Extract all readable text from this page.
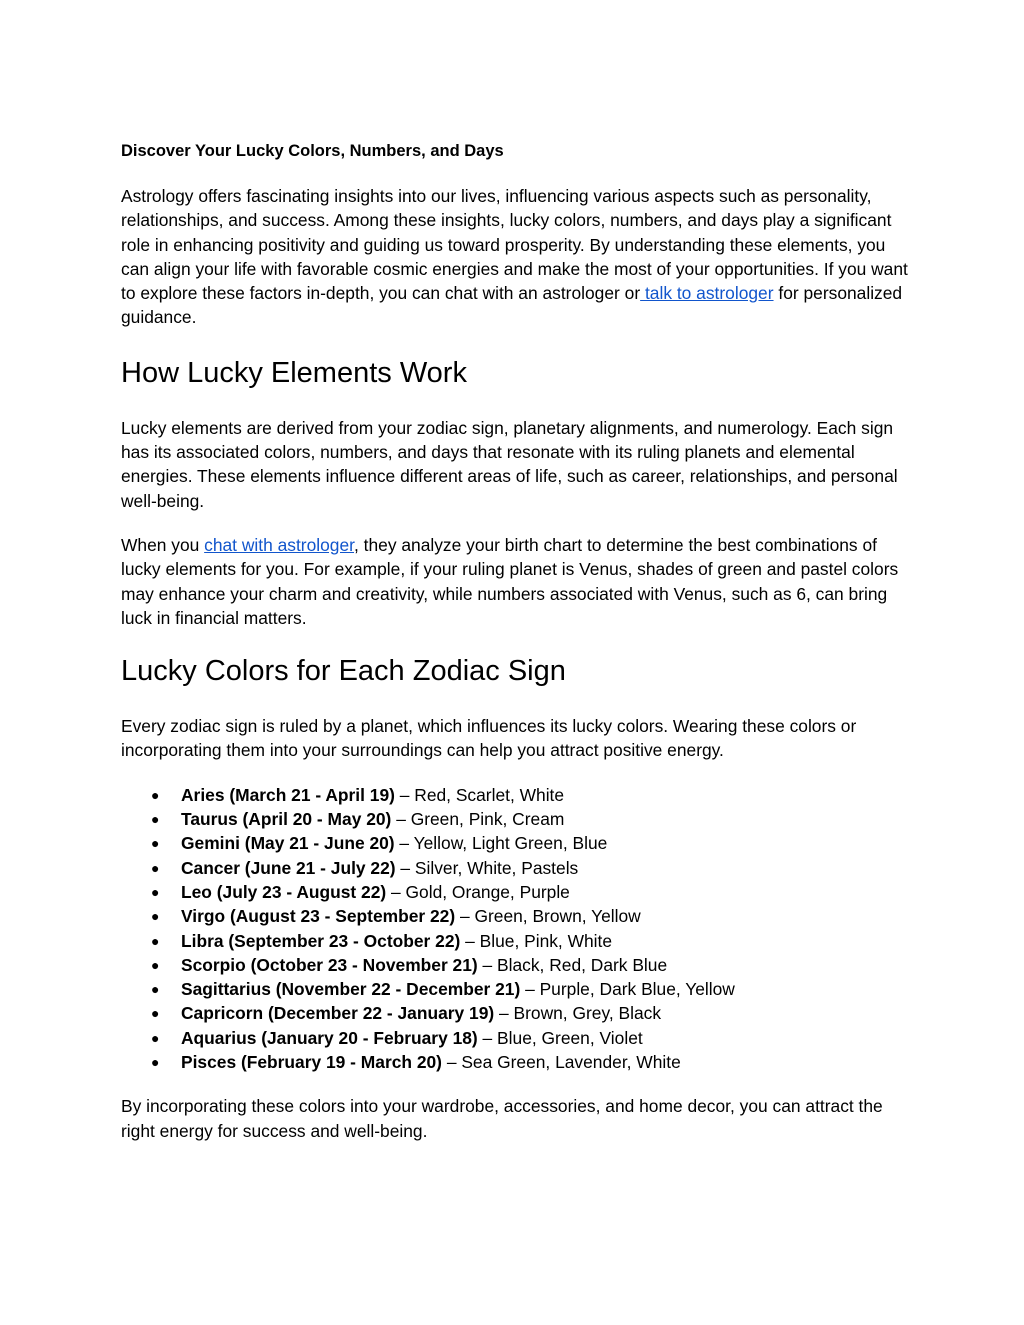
Discover Your Lucky Colors, Numbers, and Days

Astrology offers fascinating insights into our lives, influencing various aspects such as personality, relationships, and success. Among these insights, lucky colors, numbers, and days play a significant role in enhancing positivity and guiding us toward prosperity. By understanding these elements, you can align your life with favorable cosmic energies and make the most of your opportunities. If you want to explore these factors in-depth, you can chat with an astrologer or talk to astrologer for personalized guidance.

How Lucky Elements Work

Lucky elements are derived from your zodiac sign, planetary alignments, and numerology. Each sign has its associated colors, numbers, and days that resonate with its ruling planets and elemental energies. These elements influence different areas of life, such as career, relationships, and personal well-being.

When you chat with astrologer, they analyze your birth chart to determine the best combinations of lucky elements for you. For example, if your ruling planet is Venus, shades of green and pastel colors may enhance your charm and creativity, while numbers associated with Venus, such as 6, can bring luck in financial matters.

Lucky Colors for Each Zodiac Sign

Every zodiac sign is ruled by a planet, which influences its lucky colors. Wearing these colors or incorporating them into your surroundings can help you attract positive energy.

● Aries (March 21 - April 19) – Red, Scarlet, White
● Taurus (April 20 - May 20) – Green, Pink, Cream
● Gemini (May 21 - June 20) – Yellow, Light Green, Blue
● Cancer (June 21 - July 22) – Silver, White, Pastels
● Leo (July 23 - August 22) – Gold, Orange, Purple
● Virgo (August 23 - September 22) – Green, Brown, Yellow
● Libra (September 23 - October 22) – Blue, Pink, White
● Scorpio (October 23 - November 21) – Black, Red, Dark Blue
● Sagittarius (November 22 - December 21) – Purple, Dark Blue, Yellow
● Capricorn (December 22 - January 19) – Brown, Grey, Black
● Aquarius (January 20 - February 18) – Blue, Green, Violet
● Pisces (February 19 - March 20) – Sea Green, Lavender, White

By incorporating these colors into your wardrobe, accessories, and home decor, you can attract the right energy for success and well-being.
